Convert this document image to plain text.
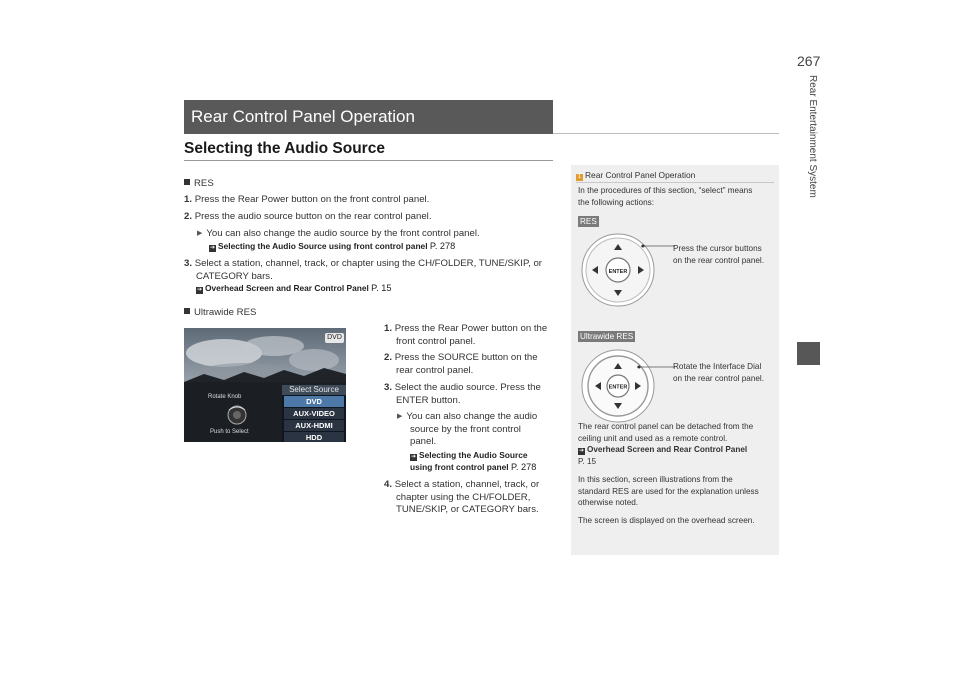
Rear Control Panel Operation
Selecting the Audio Source
RES
1. Press the Rear Power button on the front control panel.
2. Press the audio source button on the rear control panel.
▶ You can also change the audio source by the front control panel.
➔ Selecting the Audio Source using front control panel P. 278
3. Select a station, channel, track, or chapter using the CH/FOLDER, TUNE/SKIP, or CATEGORY bars.
➔ Overhead Screen and Rear Control Panel P. 15
Ultrawide RES
1. Press the Rear Power button on the
front control panel.
2. Press the SOURCE button on the
rear control panel.
3. Select the audio source. Press the
ENTER button.
▶ You can also change the audio
source by the front control
panel.
➔ Selecting the Audio Source
using front control panel P. 278
4. Select a station, channel, track, or
chapter using the CH/FOLDER,
TUNE/SKIP, or CATEGORY bars.
DVD
Select Source
DVD
AUX-VIDEO
AUX-HDMI
HDD
Rotate Knob
Push to Select
1 Rear Control Panel Operation
In the procedures of this section, “select” means
the following actions:
RES
ENTER
Press the cursor buttons
on the rear control panel.
Ultrawide RES
ENTER
Rotate the Interface Dial
on the rear control panel.
The rear control panel can be detached from the
ceiling unit and used as a remote control.
➔ Overhead Screen and Rear Control Panel
P. 15
In this section, screen illustrations from the
standard RES are used for the explanation unless
otherwise noted.
The screen is displayed on the overhead screen.
267
Rear Entertainment System
